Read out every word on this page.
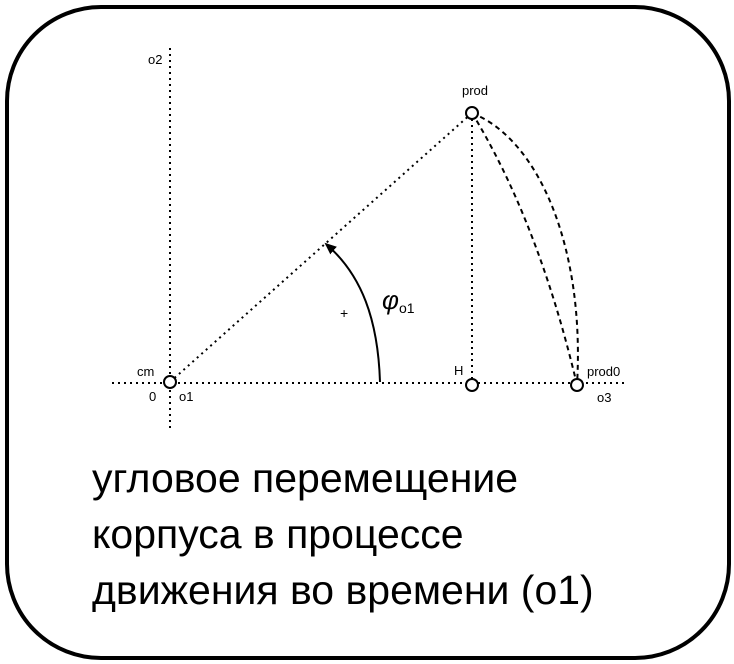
o2
prod
cm
0 o1
H	prod0
o3
+ φo1
угловое перемещение
корпуса в процессе
движения во времени (o1)
